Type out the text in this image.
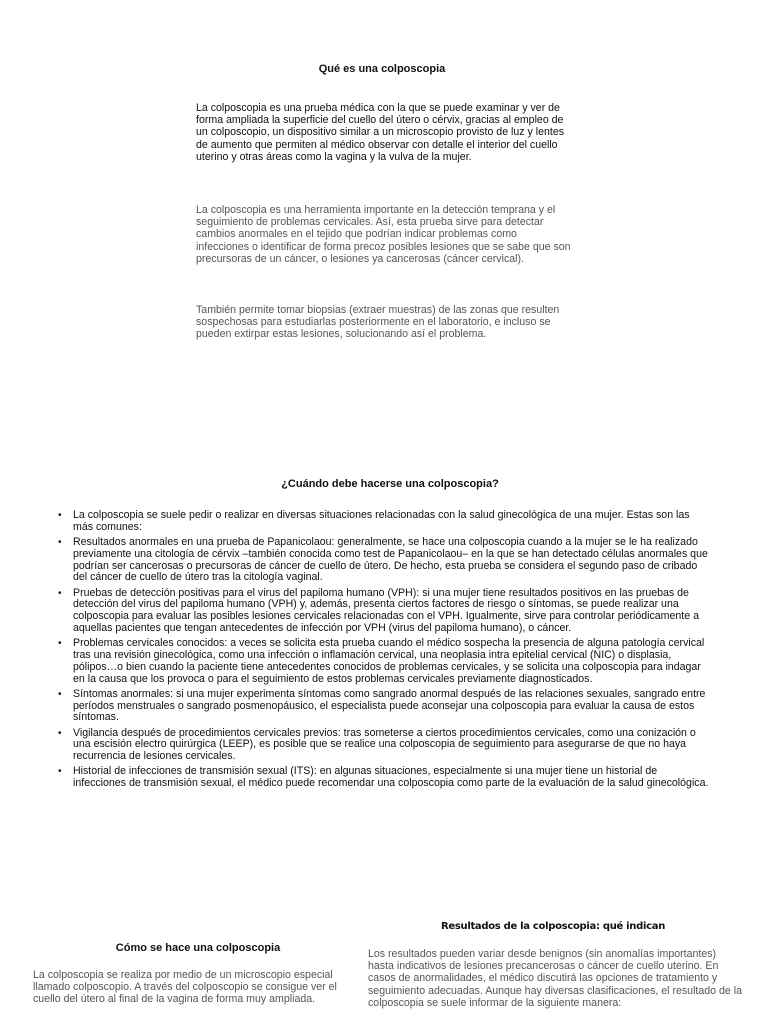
Qué es una colposcopia

La colposcopia es una prueba médica con la que se puede examinar y ver de forma ampliada la superficie del cuello del útero o cérvix, gracias al empleo de un colposcopio, un dispositivo similar a un microscopio provisto de luz y lentes de aumento que permiten al médico observar con detalle el interior del cuello uterino y otras áreas como la vagina y la vulva de la mujer.

La colposcopia es una herramienta importante en la detección temprana y el seguimiento de problemas cervicales. Así, esta prueba sirve para detectar cambios anormales en el tejido que podrían indicar problemas como infecciones o identificar de forma precoz posibles lesiones que se sabe que son precursoras de un cáncer, o lesiones ya cancerosas (cáncer cervical).

También permite tomar biopsias (extraer muestras) de las zonas que resulten sospechosas para estudiarlas posteriormente en el laboratorio, e incluso se pueden extirpar estas lesiones, solucionando así el problema.

¿Cuándo debe hacerse una colposcopia?
• La colposcopia se suele pedir o realizar en diversas situaciones relacionadas con la salud ginecológica de una mujer. Estas son las más comunes:
• Resultados anormales en una prueba de Papanicolaou: generalmente, se hace una colposcopia cuando a la mujer se le ha realizado previamente una citología de cérvix –también conocida como test de Papanicolaou– en la que se han detectado células anormales que podrían ser cancerosas o precursoras de cáncer de cuello de útero. De hecho, esta prueba se considera el segundo paso de cribado del cáncer de cuello de útero tras la citología vaginal.
• Pruebas de detección positivas para el virus del papiloma humano (VPH): si una mujer tiene resultados positivos en las pruebas de detección del virus del papiloma humano (VPH) y, además, presenta ciertos factores de riesgo o síntomas, se puede realizar una colposcopia para evaluar las posibles lesiones cervicales relacionadas con el VPH. Igualmente, sirve para controlar periódicamente a aquellas pacientes que tengan antecedentes de infección por VPH (virus del papiloma humano), o cáncer.
• Problemas cervicales conocidos: a veces se solicita esta prueba cuando el médico sospecha la presencia de alguna patología cervical tras una revisión ginecológica, como una infección o inflamación cervical, una neoplasia intra epitelial cervical (NIC) o displasia, pólipos…o bien cuando la paciente tiene antecedentes conocidos de problemas cervicales, y se solicita una colposcopia para indagar en la causa que los provoca o para el seguimiento de estos problemas cervicales previamente diagnosticados.
• Síntomas anormales: si una mujer experimenta síntomas como sangrado anormal después de las relaciones sexuales, sangrado entre períodos menstruales o sangrado posmenopáusico, el especialista puede aconsejar una colposcopia para evaluar la causa de estos síntomas.
• Vigilancia después de procedimientos cervicales previos: tras someterse a ciertos procedimientos cervicales, como una conización o una escisión electro quirúrgica (LEEP), es posible que se realice una colposcopia de seguimiento para asegurarse de que no haya recurrencia de lesiones cervicales.
• Historial de infecciones de transmisión sexual (ITS): en algunas situaciones, especialmente si una mujer tiene un historial de infecciones de transmisión sexual, el médico puede recomendar una colposcopia como parte de la evaluación de la salud ginecológica.
Resultados de la colposcopia: qué indican
Cómo se hace una colposcopia

La colposcopia se realiza por medio de un microscopio especial llamado colposcopio. A través del colposcopio se consigue ver el cuello del útero al final de la vagina de forma muy ampliada.

Los resultados pueden variar desde benignos (sin anomalías importantes) hasta indicativos de lesiones precancerosas o cáncer de cuello uterino. En casos de anormalidades, el médico discutirá las opciones de tratamiento y seguimiento adecuadas. Aunque hay diversas clasificaciones, el resultado de la colposcopia se suele informar de la siguiente manera:
